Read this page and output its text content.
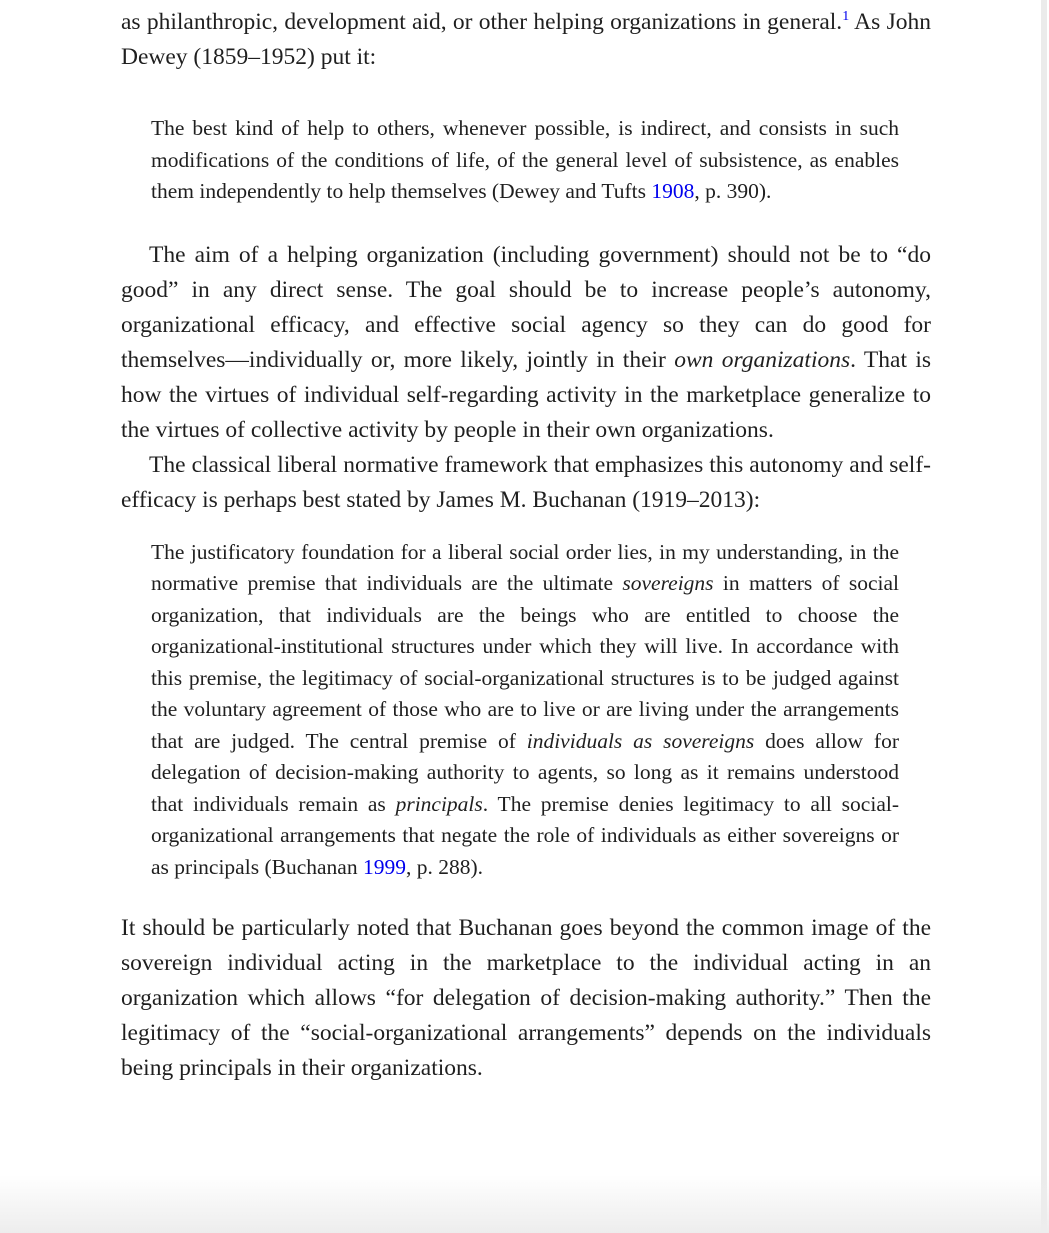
as philanthropic, development aid, or other helping organizations in general.$^1$ As John Dewey (1859–1952) put it:

The best kind of help to others, whenever possible, is indirect, and consists in such modifications of the conditions of life, of the general level of subsistence, as enables them independently to help themselves (Dewey and Tufts 1908, p. 390).

The aim of a helping organization (including government) should not be to “do good” in any direct sense. The goal should be to increase people’s autonomy, organizational efficacy, and effective social agency so they can do good for themselves—individually or, more likely, jointly in their own organizations. That is how the virtues of individual self-regarding activity in the marketplace generalize to the virtues of collective activity by people in their own organizations.

The classical liberal normative framework that emphasizes this autonomy and self-efficacy is perhaps best stated by James M. Buchanan (1919–2013):

The justificatory foundation for a liberal social order lies, in my understanding, in the normative premise that individuals are the ultimate sovereigns in matters of social organization, that individuals are the beings who are entitled to choose the organizational-institutional structures under which they will live. In accordance with this premise, the legitimacy of social-organizational structures is to be judged against the voluntary agreement of those who are to live or are living under the arrangements that are judged. The central premise of individuals as sovereigns does allow for delegation of decision-making authority to agents, so long as it remains understood that individuals remain as principals. The premise denies legitimacy to all social-organizational arrangements that negate the role of individuals as either sovereigns or as principals (Buchanan 1999, p. 288).

It should be particularly noted that Buchanan goes beyond the common image of the sovereign individual acting in the marketplace to the individual acting in an organization which allows “for delegation of decision-making authority.” Then the legitimacy of the “social-organizational arrangements” depends on the individuals being principals in their organizations.
